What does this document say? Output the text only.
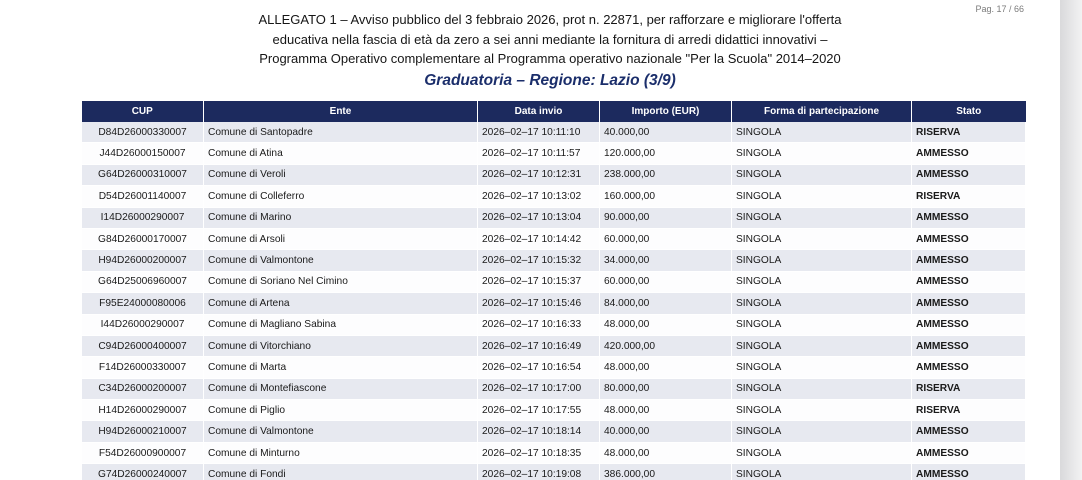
Pag. 17 / 66
ALLEGATO 1 – Avviso pubblico del 3 febbraio 2026, prot n. 22871, per rafforzare e migliorare l'offerta
educativa nella fascia di età da zero a sei anni mediante la fornitura di arredi didattici innovativi –
Programma Operativo complementare al Programma operativo nazionale "Per la Scuola" 2014–2020
Graduatoria – Regione: Lazio (3/9)
CUP	Ente	Data invio	Importo (EUR)	Forma di partecipazione	Stato
D84D26000330007	Comune di Santopadre	2026–02–17 10:11:10	40.000,00	SINGOLA	RISERVA
J44D26000150007	Comune di Atina	2026–02–17 10:11:57	120.000,00	SINGOLA	AMMESSO
G64D26000310007	Comune di Veroli	2026–02–17 10:12:31	238.000,00	SINGOLA	AMMESSO
D54D26001140007	Comune di Colleferro	2026–02–17 10:13:02	160.000,00	SINGOLA	RISERVA
I14D26000290007	Comune di Marino	2026–02–17 10:13:04	90.000,00	SINGOLA	AMMESSO
G84D26000170007	Comune di Arsoli	2026–02–17 10:14:42	60.000,00	SINGOLA	AMMESSO
H94D26000200007	Comune di Valmontone	2026–02–17 10:15:32	34.000,00	SINGOLA	AMMESSO
G64D25006960007	Comune di Soriano Nel Cimino	2026–02–17 10:15:37	60.000,00	SINGOLA	AMMESSO
F95E24000080006	Comune di Artena	2026–02–17 10:15:46	84.000,00	SINGOLA	AMMESSO
I44D26000290007	Comune di Magliano Sabina	2026–02–17 10:16:33	48.000,00	SINGOLA	AMMESSO
C94D26000400007	Comune di Vitorchiano	2026–02–17 10:16:49	420.000,00	SINGOLA	AMMESSO
F14D26000330007	Comune di Marta	2026–02–17 10:16:54	48.000,00	SINGOLA	AMMESSO
C34D26000200007	Comune di Montefiascone	2026–02–17 10:17:00	80.000,00	SINGOLA	RISERVA
H14D26000290007	Comune di Piglio	2026–02–17 10:17:55	48.000,00	SINGOLA	RISERVA
H94D26000210007	Comune di Valmontone	2026–02–17 10:18:14	40.000,00	SINGOLA	AMMESSO
F54D26000900007	Comune di Minturno	2026–02–17 10:18:35	48.000,00	SINGOLA	AMMESSO
G74D26000240007	Comune di Fondi	2026–02–17 10:19:08	386.000,00	SINGOLA	AMMESSO
